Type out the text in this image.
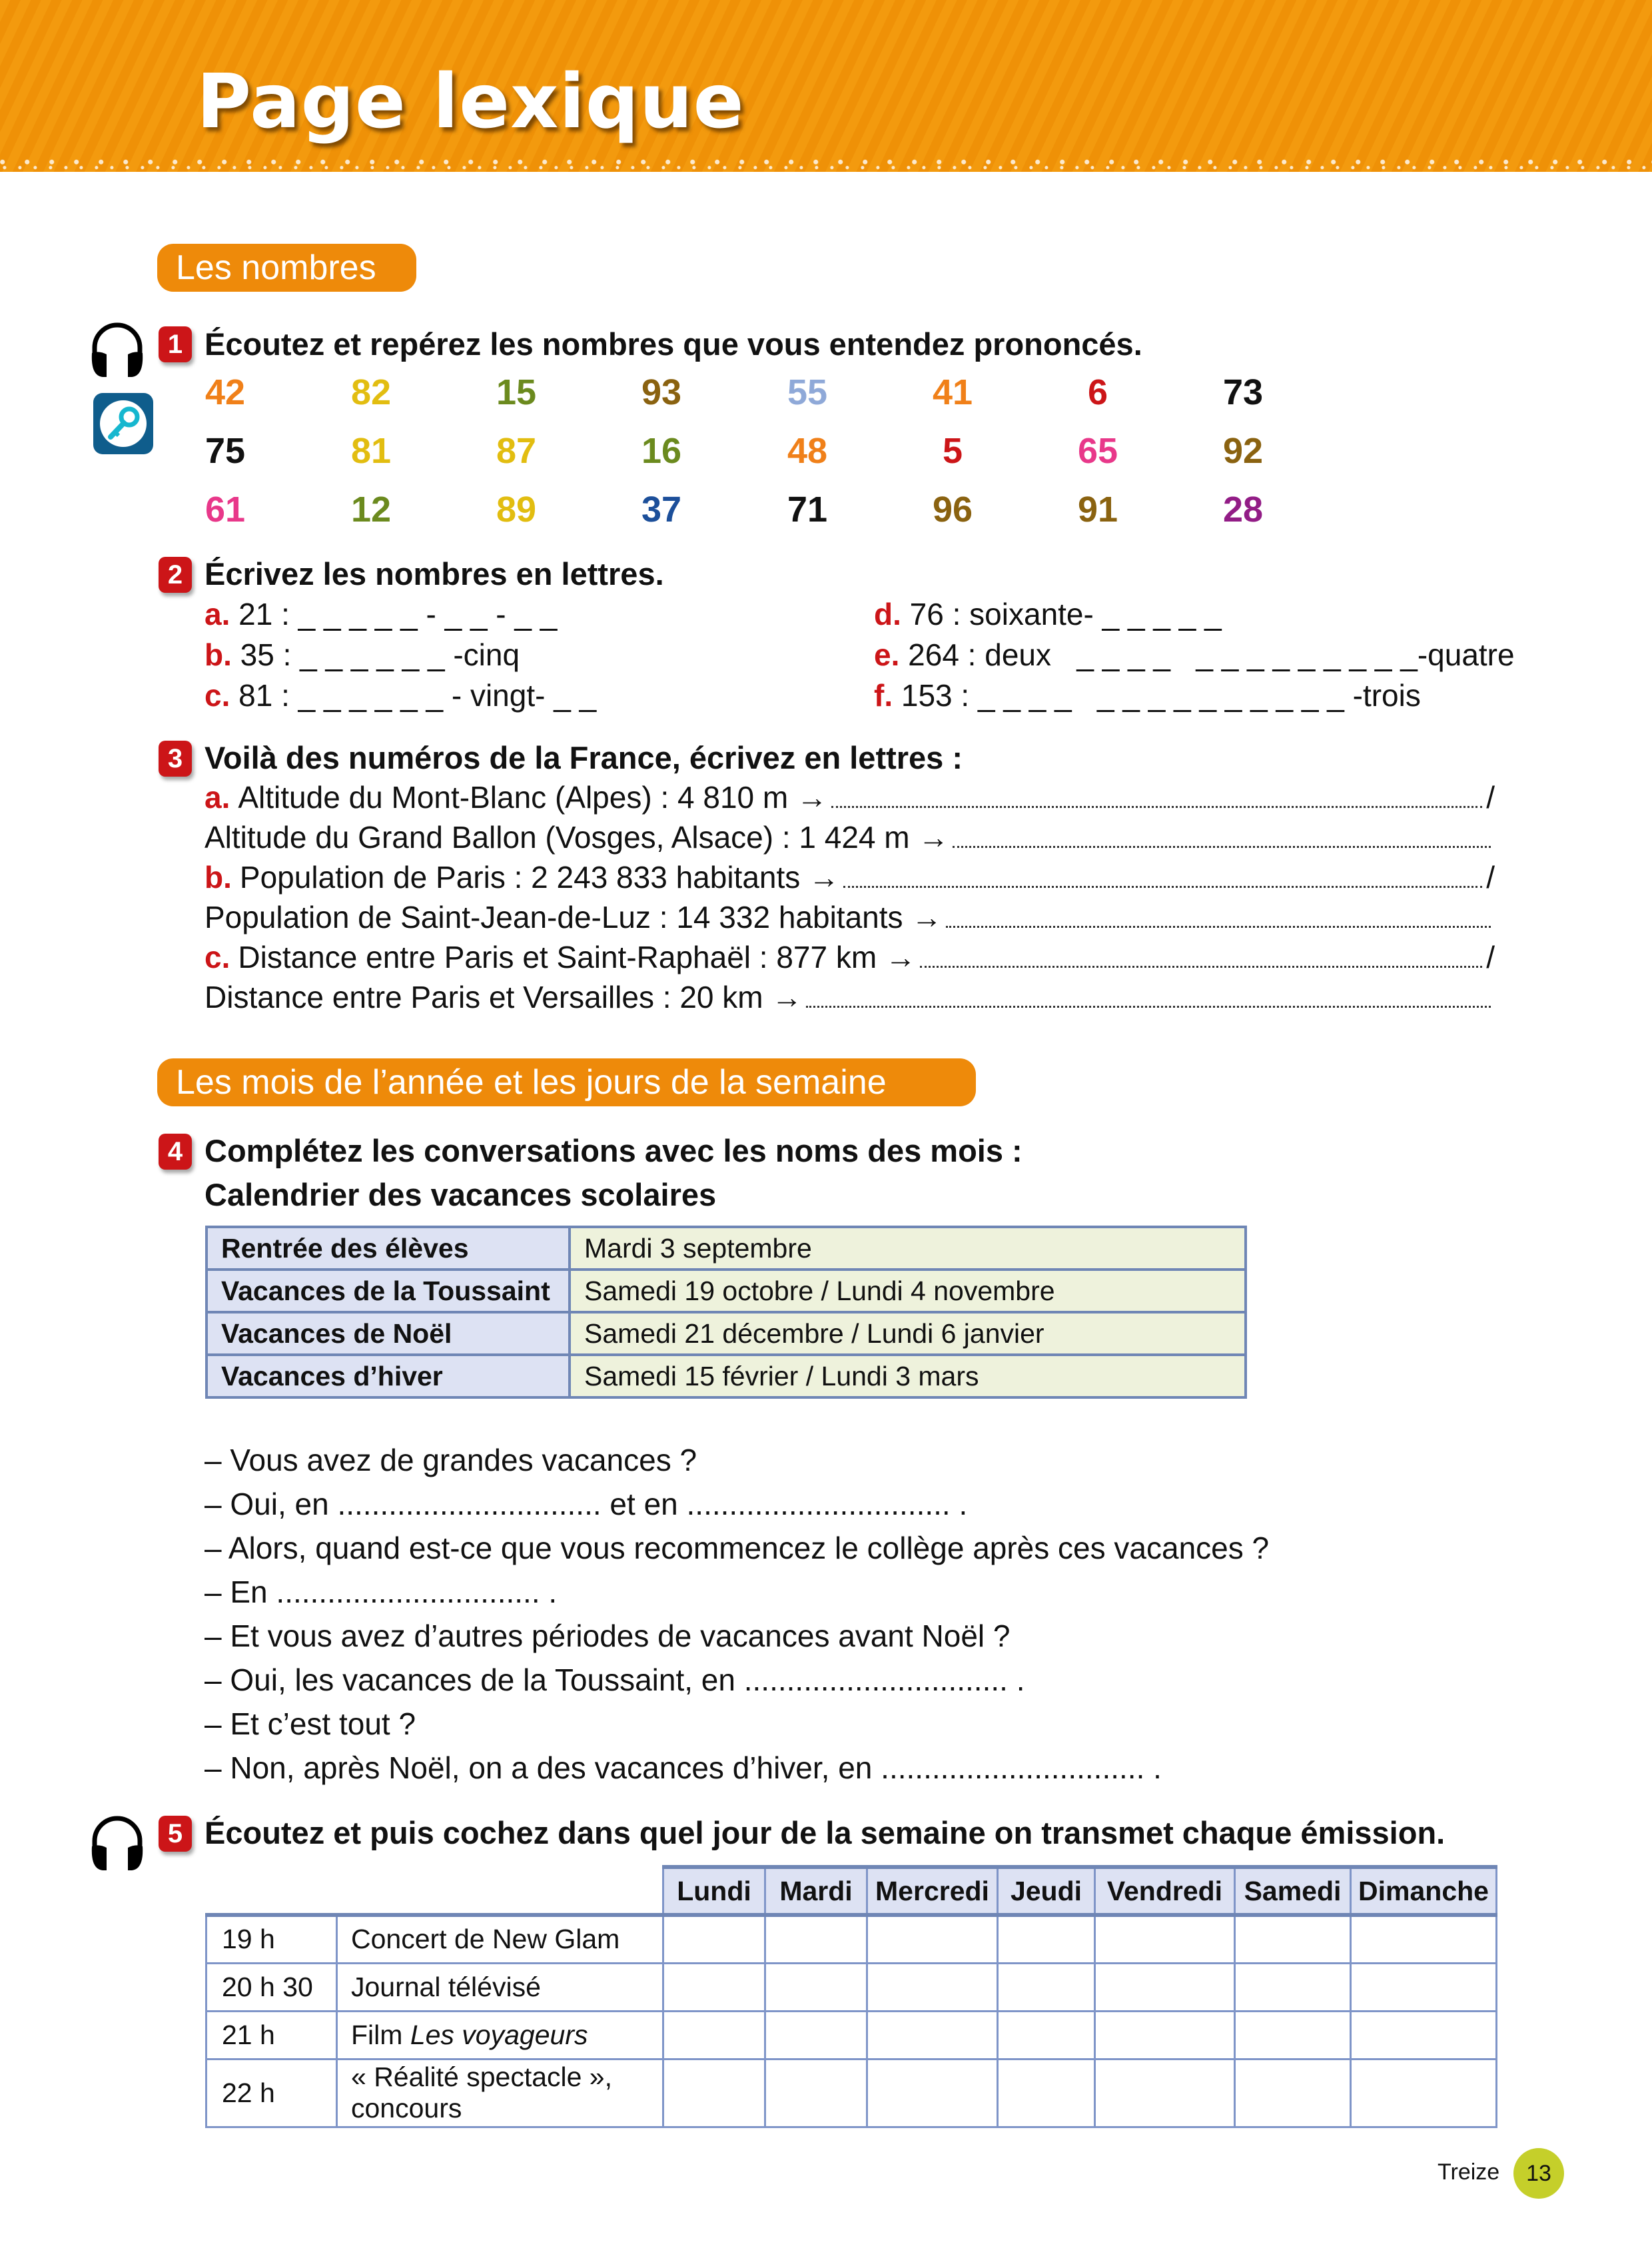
Page lexique
Les nombres
1 Écoutez et repérez les nombres que vous entendez prononcés.
42	82	15	93	55	41	6	73
75	81	87	16	48	5	65	92
61	12	89	37	71	96	91	28
2 Écrivez les nombres en lettres.
a. 21 : _ _ _ _ _ - _ _ - _ _
b. 35 : _ _ _ _ _ _ -cinq
c. 81 : _ _ _ _ _ _ - vingt- _ _
d. 76 : soixante- _ _ _ _ _
e. 264 : deux   _ _ _ _   _ _ _ _ _ _ _ _ _-quatre
f. 153 : _ _ _ _   _ _ _ _ _ _ _ _ _ _ -trois
3 Voilà des numéros de la France, écrivez en lettres :
a. Altitude du Mont-Blanc (Alpes) : 4 810 m →	/
Altitude du Grand Ballon (Vosges, Alsace) : 1 424 m →
b. Population de Paris : 2 243 833 habitants →	/
Population de Saint-Jean-de-Luz : 14 332 habitants →
c. Distance entre Paris et Saint-Raphaël : 877 km →	/
Distance entre Paris et Versailles : 20 km →
Les mois de l’année et les jours de la semaine
4 Complétez les conversations avec les noms des mois :
Calendrier des vacances scolaires
Rentrée des élèves	Mardi 3 septembre
Vacances de la Toussaint	Samedi 19 octobre / Lundi 4 novembre
Vacances de Noël	Samedi 21 décembre / Lundi 6 janvier
Vacances d’hiver	Samedi 15 février / Lundi 3 mars
– Vous avez de grandes vacances ?
– Oui, en ............................... et en ............................... .
– Alors, quand est-ce que vous recommencez le collège après ces vacances ?
– En ............................... .
– Et vous avez d’autres périodes de vacances avant Noël ?
– Oui, les vacances de la Toussaint, en ............................... .
– Et c’est tout ?
– Non, après Noël, on a des vacances d’hiver, en ............................... .
5 Écoutez et puis cochez dans quel jour de la semaine on transmet chaque émission.
		Lundi	Mardi	Mercredi	Jeudi	Vendredi	Samedi	Dimanche
19 h	Concert de New Glam							
20 h 30	Journal télévisé							
21 h	Film Les voyageurs							
22 h	« Réalité spectacle », concours							
Treize	13
